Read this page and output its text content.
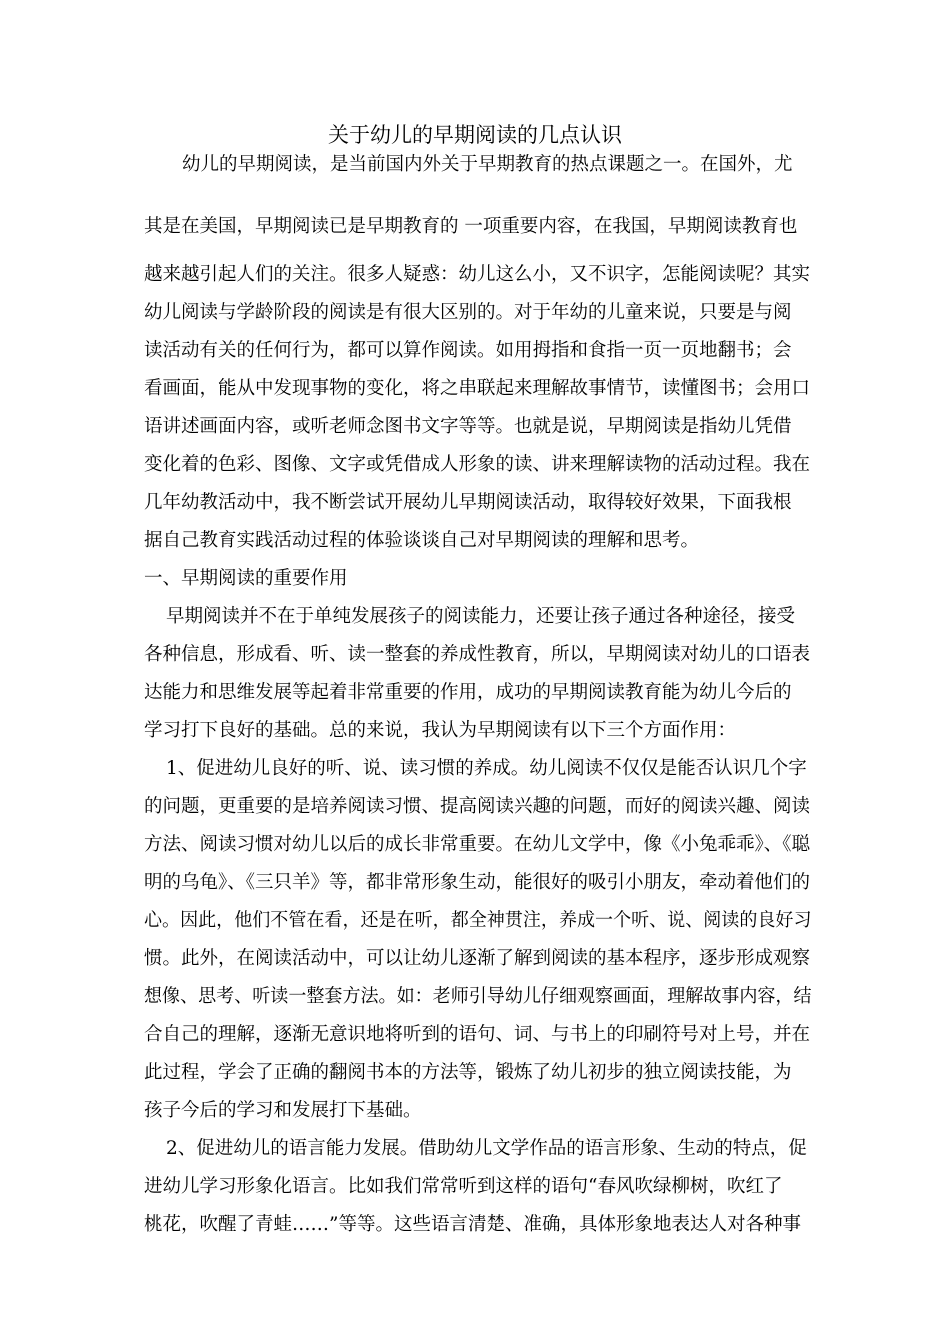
关于幼儿的早期阅读的几点认识

幼儿的早期阅读，是当前国内外关于早期教育的热点课题之一。在国外，尤

其是在美国，早期阅读已是早期教育的 一项重要内容，在我国，早期阅读教育也

越来越引起人们的关注。很多人疑惑：幼儿这么小，又不识字，怎能阅读呢？其实

幼儿阅读与学龄阶段的阅读是有很大区别的。对于年幼的儿童来说，只要是与阅

读活动有关的任何行为，都可以算作阅读。如用拇指和食指一页一页地翻书；会

看画面，能从中发现事物的变化，将之串联起来理解故事情节，读懂图书；会用口

语讲述画面内容，或听老师念图书文字等等。也就是说，早期阅读是指幼儿凭借

变化着的色彩、图像、文字或凭借成人形象的读、讲来理解读物的活动过程。我在

几年幼教活动中，我不断尝试开展幼儿早期阅读活动，取得较好效果，下面我根

据自己教育实践活动过程的体验谈谈自己对早期阅读的理解和思考。

一、早期阅读的重要作用

早期阅读并不在于单纯发展孩子的阅读能力，还要让孩子通过各种途径，接受

各种信息，形成看、听、读一整套的养成性教育，所以，早期阅读对幼儿的口语表

达能力和思维发展等起着非常重要的作用，成功的早期阅读教育能为幼儿今后的

学习打下良好的基础。总的来说，我认为早期阅读有以下三个方面作用：

1、促进幼儿良好的听、说、读习惯的养成。幼儿阅读不仅仅是能否认识几个字

的问题，更重要的是培养阅读习惯、提高阅读兴趣的问题，而好的阅读兴趣、阅读

方法、阅读习惯对幼儿以后的成长非常重要。在幼儿文学中，像《小兔乖乖》、《聪

明的乌龟》、《三只羊》等，都非常形象生动，能很好的吸引小朋友，牵动着他们的

心。因此，他们不管在看，还是在听，都全神贯注，养成一个听、说、阅读的良好习

惯。此外，在阅读活动中，可以让幼儿逐渐了解到阅读的基本程序，逐步形成观察

想像、思考、听读一整套方法。如：老师引导幼儿仔细观察画面，理解故事内容，结

合自己的理解，逐渐无意识地将听到的语句、词、与书上的印刷符号对上号，并在

此过程，学会了正确的翻阅书本的方法等，锻炼了幼儿初步的独立阅读技能，为

孩子今后的学习和发展打下基础。

2、促进幼儿的语言能力发展。借助幼儿文学作品的语言形象、生动的特点，促

进幼儿学习形象化语言。比如我们常常听到这样的语句“春风吹绿柳树，吹红了

桃花，吹醒了青蛙……”等等。这些语言清楚、准确，具体形象地表达人对各种事
